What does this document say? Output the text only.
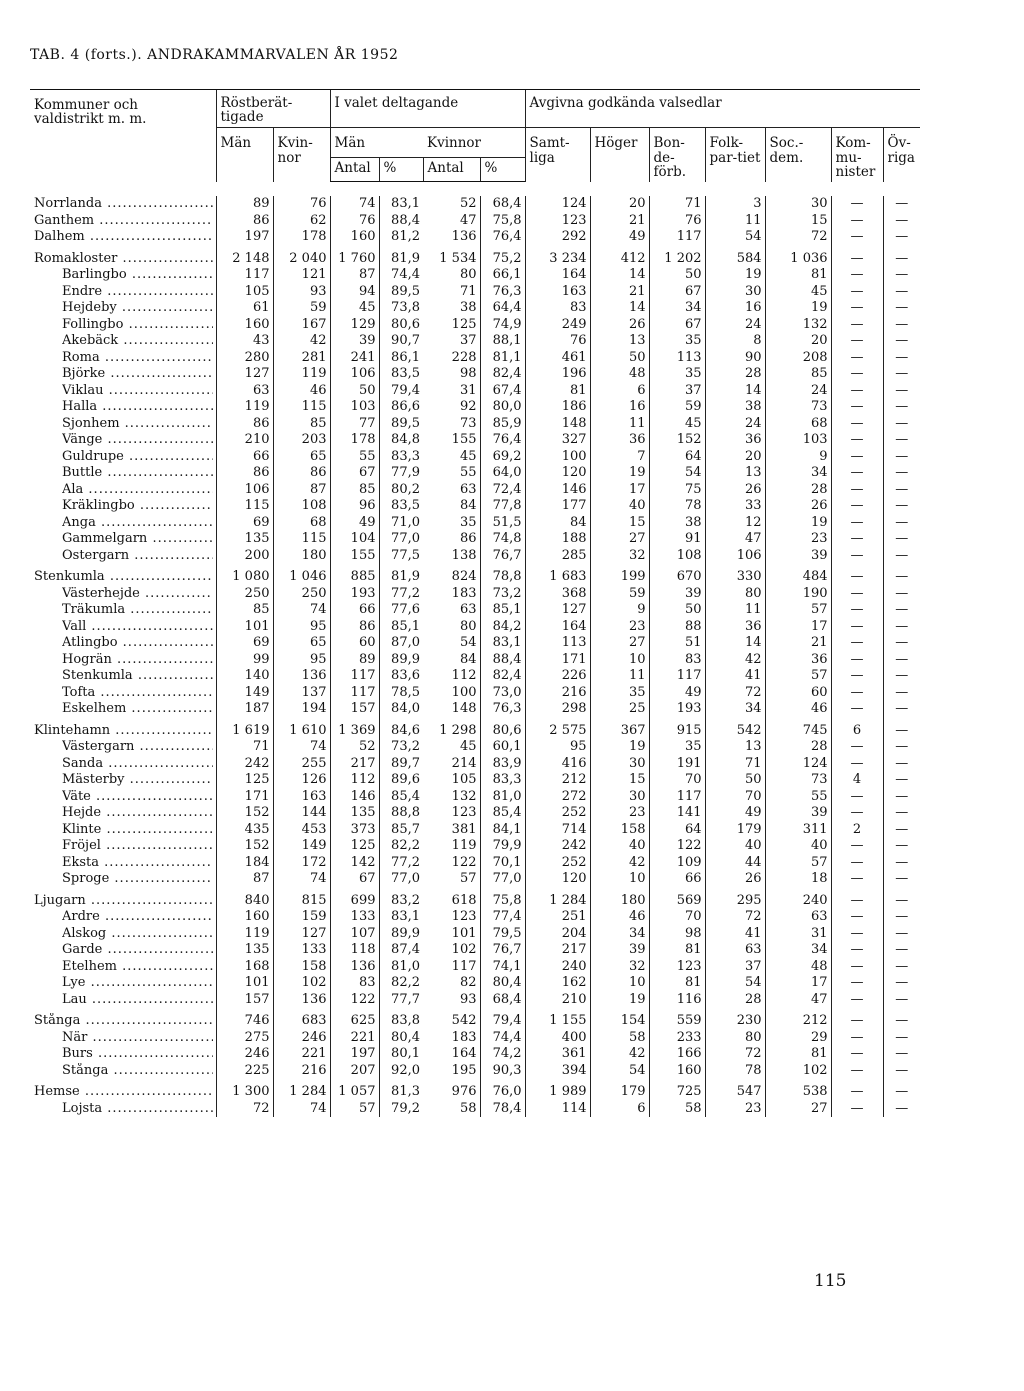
TAB. 4 (forts.). ANDRAKAMMARVALEN ÅR 1952
Kommuner och valdistrikt m. m.	Röstberät-tigade		I valet deltagande				Avgivna godkända valsedlar						
	Män	Kvin-nor	Män		Kvinnor		Samt-liga	Höger	Bon-de-förb.	Folk-par-tiet	Soc.-dem.	Kom-mu-nister	Öv-riga
			Antal	%	Antal	%							

Norrlanda .....	89	76	74	83,1	52	68,4	124	20	71	3	30	—	—

Ganthem .....	86	62	76	88,4	47	75,8	123	21	76	11	15	—	—

Dalhem .....	197	178	160	81,2	136	76,4	292	49	117	54	72	—	—

Romakloster .....	2 148	2 040	1 760	81,9	1 534	75,2	3 234	412	1 202	584	1 036	—	—

Barlingbo .....	117	121	87	74,4	80	66,1	164	14	50	19	81	—	—

Endre .....	105	93	94	89,5	71	76,3	163	21	67	30	45	—	—

Hejdeby .....	61	59	45	73,8	38	64,4	83	14	34	16	19	—	—

Follingbo .....	160	167	129	80,6	125	74,9	249	26	67	24	132	—	—

Akebäck .....	43	42	39	90,7	37	88,1	76	13	35	8	20	—	—

Roma .....	280	281	241	86,1	228	81,1	461	50	113	90	208	—	—

Björke .....	127	119	106	83,5	98	82,4	196	48	35	28	85	—	—

Viklau .....	63	46	50	79,4	31	67,4	81	6	37	14	24	—	—

Halla .....	119	115	103	86,6	92	80,0	186	16	59	38	73	—	—

Sjonhem .....	86	85	77	89,5	73	85,9	148	11	45	24	68	—	—

Vänge .....	210	203	178	84,8	155	76,4	327	36	152	36	103	—	—

Guldrupe .....	66	65	55	83,3	45	69,2	100	7	64	20	9	—	—

Buttle .....	86	86	67	77,9	55	64,0	120	19	54	13	34	—	—

Ala .....	106	87	85	80,2	63	72,4	146	17	75	26	28	—	—

Kräklingbo .....	115	108	96	83,5	84	77,8	177	40	78	33	26	—	—

Anga .....	69	68	49	71,0	35	51,5	84	15	38	12	19	—	—

Gammelgarn .....	135	115	104	77,0	86	74,8	188	27	91	47	23	—	—

Östergarn .....	200	180	155	77,5	138	76,7	285	32	108	106	39	—	—

Stenkumla .....	1 080	1 046	885	81,9	824	78,8	1 683	199	670	330	484	—	—

Västerhejde .....	250	250	193	77,2	183	73,2	368	59	39	80	190	—	—

Träkumla .....	85	74	66	77,6	63	85,1	127	9	50	11	57	—	—

Vall .....	101	95	86	85,1	80	84,2	164	23	88	36	17	—	—

Atlingbo .....	69	65	60	87,0	54	83,1	113	27	51	14	21	—	—

Hogrän .....	99	95	89	89,9	84	88,4	171	10	83	42	36	—	—

Stenkumla .....	140	136	117	83,6	112	82,4	226	11	117	41	57	—	—

Tofta .....	149	137	117	78,5	100	73,0	216	35	49	72	60	—	—

Eskelhem .....	187	194	157	84,0	148	76,3	298	25	193	34	46	—	—

Klintehamn .....	1 619	1 610	1 369	84,6	1 298	80,6	2 575	367	915	542	745	6	—

Västergarn .....	71	74	52	73,2	45	60,1	95	19	35	13	28	—	—

Sanda .....	242	255	217	89,7	214	83,9	416	30	191	71	124	—	—

Mästerby .....	125	126	112	89,6	105	83,3	212	15	70	50	73	4	—

Väte .....	171	163	146	85,4	132	81,0	272	30	117	70	55	—	—

Hejde .....	152	144	135	88,8	123	85,4	252	23	141	49	39	—	—

Klinte .....	435	453	373	85,7	381	84,1	714	158	64	179	311	2	—

Fröjel .....	152	149	125	82,2	119	79,9	242	40	122	40	40	—	—

Eksta .....	184	172	142	77,2	122	70,1	252	42	109	44	57	—	—

Sproge .....	87	74	67	77,0	57	77,0	120	10	66	26	18	—	—

Ljugarn .....	840	815	699	83,2	618	75,8	1 284	180	569	295	240	—	—

Ardre .....	160	159	133	83,1	123	77,4	251	46	70	72	63	—	—

Alskog .....	119	127	107	89,9	101	79,5	204	34	98	41	31	—	—

Garde .....	135	133	118	87,4	102	76,7	217	39	81	63	34	—	—

Etelhem .....	168	158	136	81,0	117	74,1	240	32	123	37	48	—	—

Lye .....	101	102	83	82,2	82	80,4	162	10	81	54	17	—	—

Lau .....	157	136	122	77,7	93	68,4	210	19	116	28	47	—	—

Stånga .....	746	683	625	83,8	542	79,4	1 155	154	559	230	212	—	—

När .....	275	246	221	80,4	183	74,4	400	58	233	80	29	—	—

Burs .....	246	221	197	80,1	164	74,2	361	42	166	72	81	—	—

Stånga .....	225	216	207	92,0	195	90,3	394	54	160	78	102	—	—

Hemse .....	1 300	1 284	1 057	81,3	976	76,0	1 989	179	725	547	538	—	—

Lojsta .....	72	74	57	79,2	58	78,4	114	6	58	23	27	—	—
115
